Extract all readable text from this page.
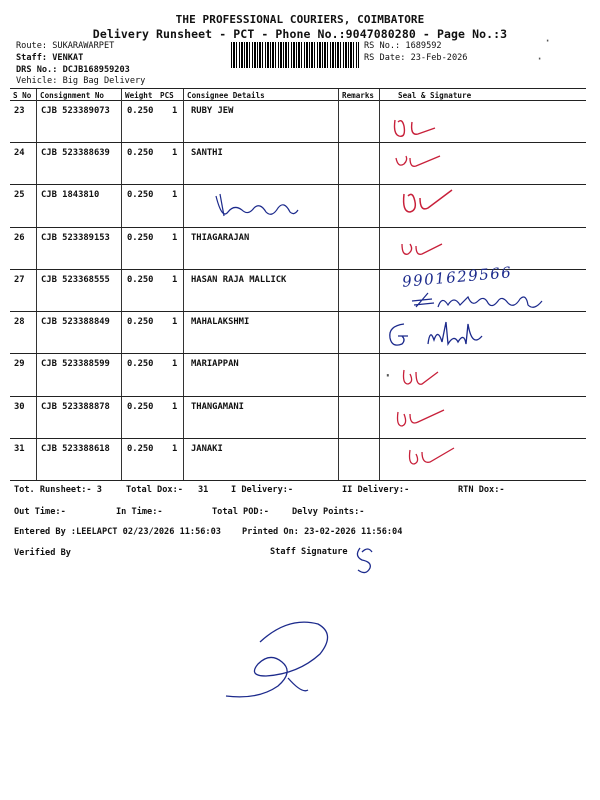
THE PROFESSIONAL COURIERS, COIMBATORE
Delivery Runsheet - PCT - Phone No.:9047080280 - Page No.:3
Route: SUKARAWARPET
Staff: VENKAT
DRS No.: DCJB168959203
Vehicle: Big Bag Delivery
RS No.: 1689592
RS Date: 23-Feb-2026
S No Consignment No	Weight PCS Consignee Details	Remarks	Seal & Signature
23 CJB 523389073 0.250 1 RUBY JEW
24 CJB 523388639 0.250 1 SANTHI
25 CJB 1843810	0.250 1
26 CJB 523389153 0.250 1 THIAGARAJAN
27 CJB 523368555 0.250 1 HASAN RAJA MALLICK
28 CJB 523388849 0.250 1 MAHALAKSHMI
29 CJB 523388599 0.250 1 MARIAPPAN
30 CJB 523388878 0.250 1 THANGAMANI
31 CJB 523388618 0.250 1 JANAKI
9901629566
·
Tot. Runsheet:- 3	Total Dox:- 31	I Delivery:-	II Delivery:-	RTN Dox:-
Out Time:-	In Time:-	Total POD:-	Delvy Points:-
Entered By :LEELAPCT 02/23/2026 11:56:03 Printed On: 23-02-2026 11:56:04
Verified By	Staff Signature
·
·
